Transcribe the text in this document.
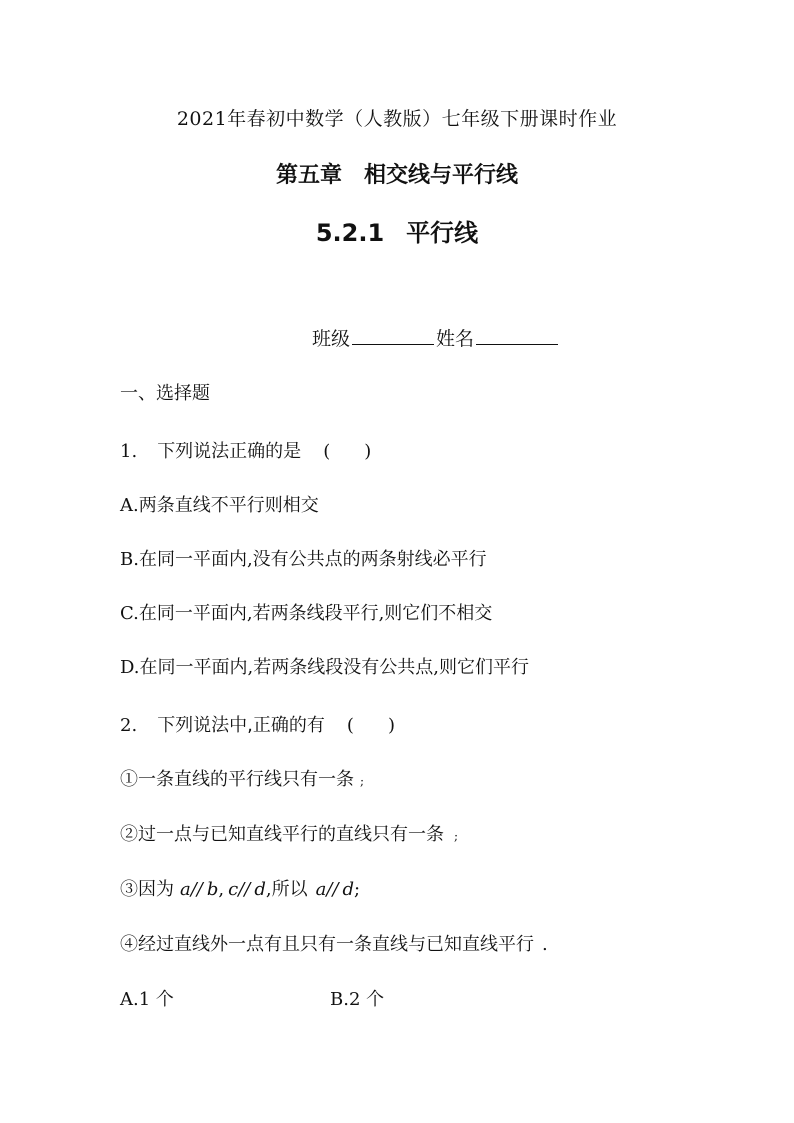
2021年春初中数学（人教版）七年级下册课时作业
第五章　相交线与平行线
5.2.1 平行线
班级	姓名
一、选择题
1. 下列说法正确的是 ( )
A.两条直线不平行则相交
B.在同一平面内,没有公共点的两条射线必平行
C.在同一平面内,若两条线段平行,则它们不相交
D.在同一平面内,若两条线段没有公共点,则它们平行
2. 下列说法中,正确的有 ( )
①一条直线的平行线只有一条 ;
②过一点与已知直线平行的直线只有一条 ;
③因为 a// b, c// d,所以 a// d;
④经过直线外一点有且只有一条直线与已知直线平行 .
A.1 个	B.2 个
